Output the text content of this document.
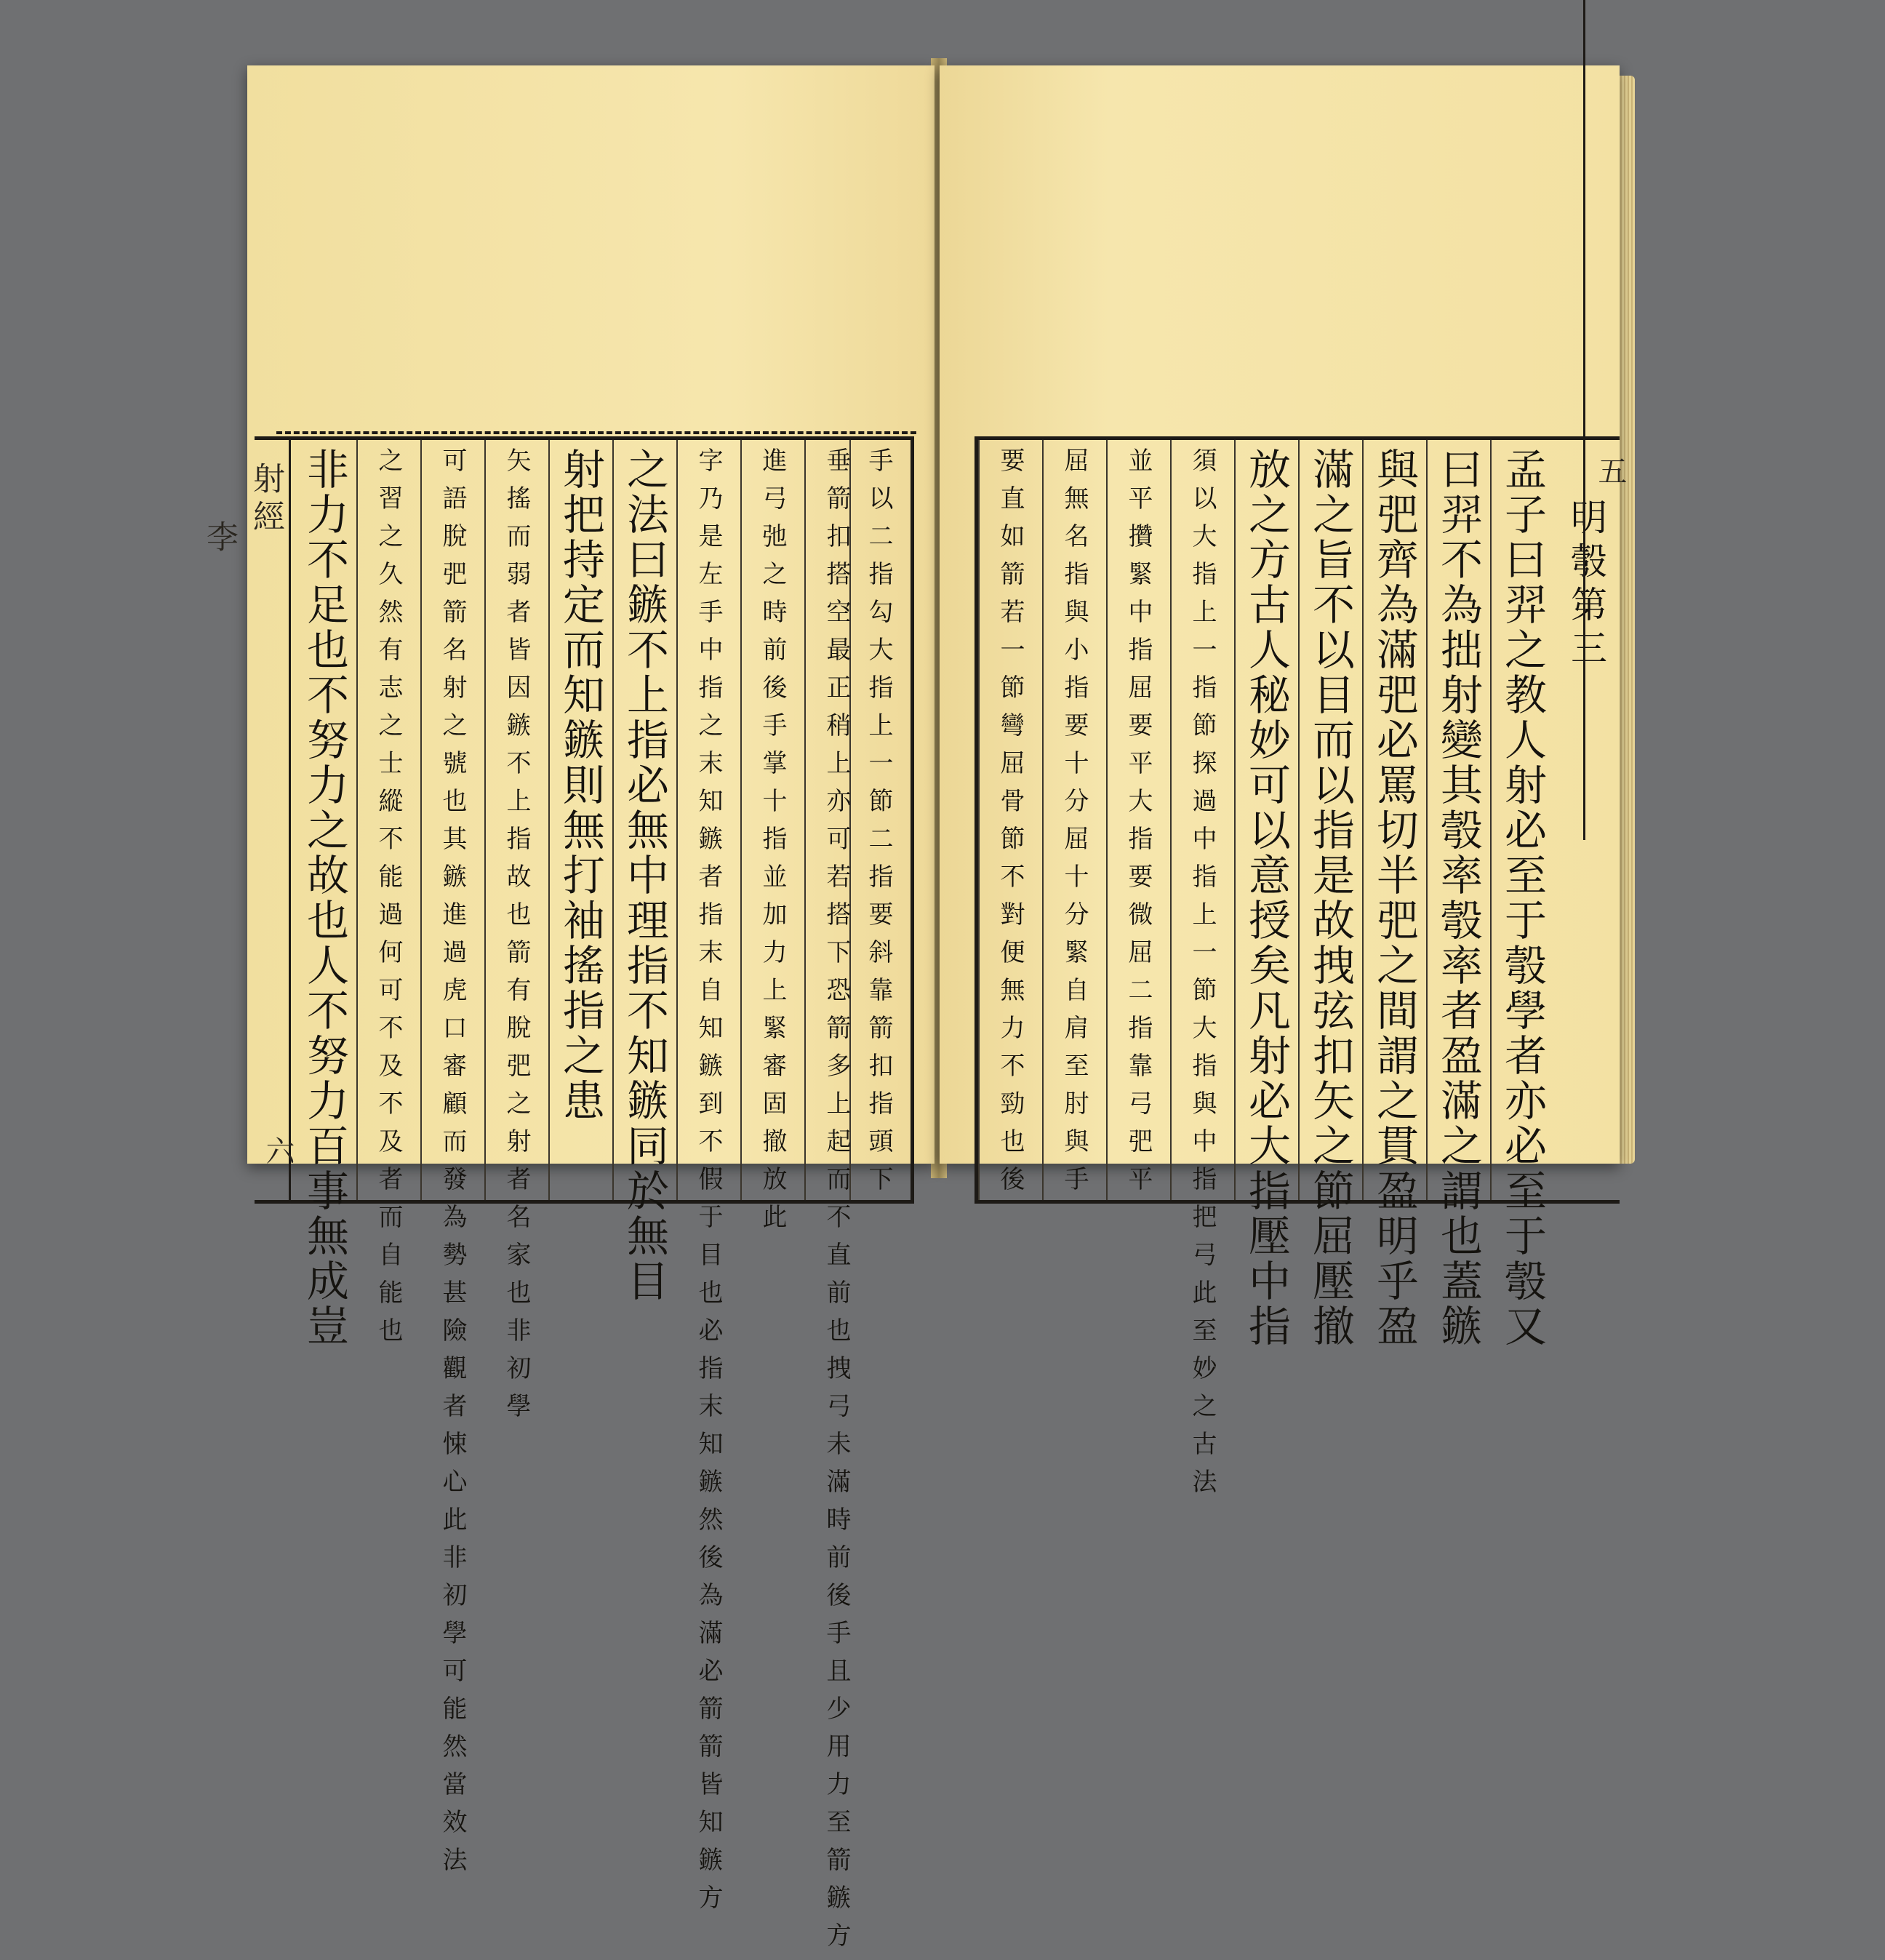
射經
李
六 非力不足也不努力之故也人不努力百事無成豈	之習之久然有志之士縱不能過何可不及不及者而自能也	可語脫弝箭名射之號也其鏃進過虎口審顧而發為勢甚險觀者悚心此非初學可能然當效法	矢搖而弱者皆因鏃不上指故也箭有脫弝之射者名家也非初學 射把持定而知鏃則無打袖搖指之患 之法曰鏃不上指必無中理指不知鏃同於無目	字乃是左手中指之末知鏃者指末自知鏃到不假于目也必指末知鏃然後為滿必箭箭皆知鏃方	進弓弛之時前後手掌十指並加力上緊審固撤放此	垂箭扣搭空最正稍上亦可若搭下恐箭多上起而不直前也拽弓未滿時前後手且少用力至箭鏃方 手以二指勾大指上一節二指要斜靠箭扣指頭下	要直如箭若一節彎屈骨節不對便無力不勁也後	屈無名指與小指要十分屈十分緊自肩至肘與手	並平攢緊中指屈要平大指要微屈二指靠弓弝平	須以大指上一指節探過中指上一節大指與中指把弓此至妙之古法 放之方古人秘妙可以意授矣凡射必大指壓中指 滿之旨不以目而以指是故拽弦扣矢之節屈壓撤 與弝齊為滿弝必罵切半弝之間謂之貫盈明乎盈 曰羿不為拙射變其彀率彀率者盈滿之謂也蓋鏃 孟子曰羿之教人射必至于彀學者亦必至于彀又 明彀第三
五
